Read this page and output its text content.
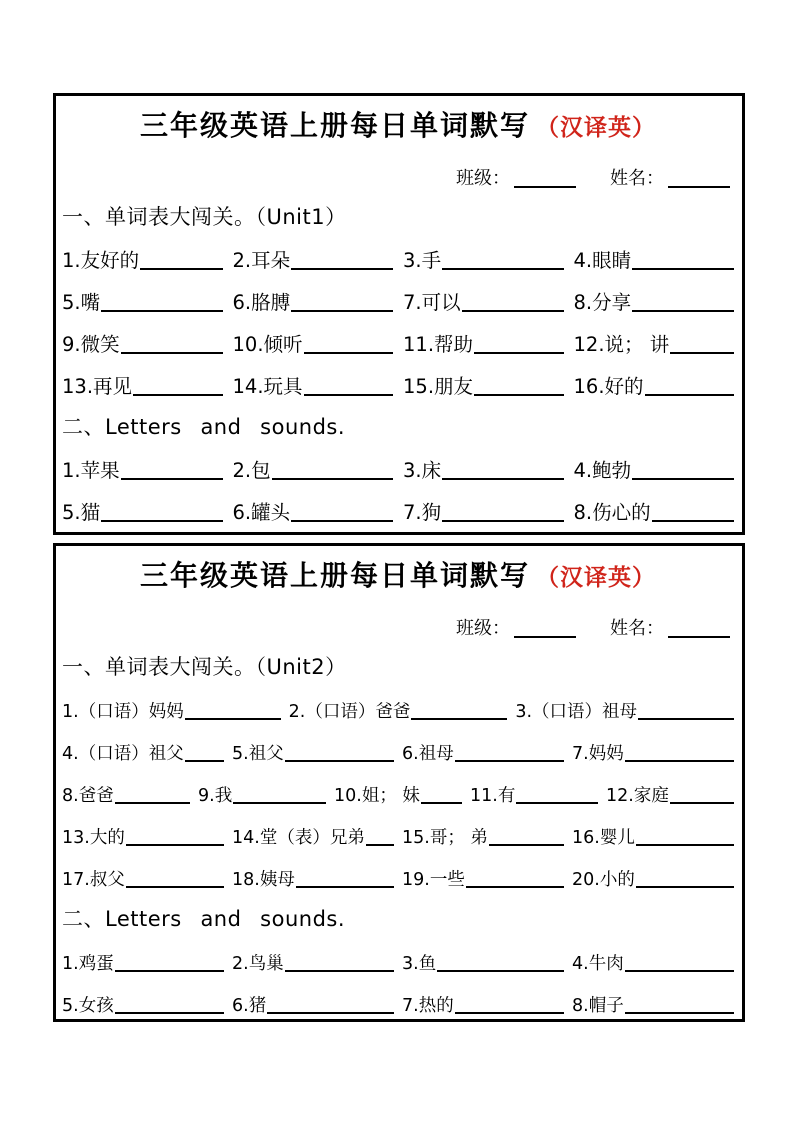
三年级英语上册每日单词默写 （汉译英）
班级：	姓名：
一、单词表大闯关。（Unit1）
1.友好的	2.耳朵	3.手	4.眼睛
5.嘴	6.胳膊	7.可以	8.分享
9.微笑	10.倾听	11.帮助	12.说； 讲
13.再见	14.玩具	15.朋友	16.好的
二、Letters and sounds.
1.苹果	2.包	3.床	4.鲍勃
5.猫	6.罐头	7.狗	8.伤心的
三年级英语上册每日单词默写 （汉译英）
班级：	姓名：
一、单词表大闯关。（Unit2）
1.（口语）妈妈	2.（口语）爸爸	3.（口语）祖母
4.（口语）祖父	5.祖父	6.祖母	7.妈妈
8.爸爸	9.我	10.姐； 妹	11.有	12.家庭
13.大的	14.堂（表）兄弟 15.哥； 弟	16.婴儿
17.叔父	18.姨母	19.一些	20.小的
二、Letters and sounds.
1.鸡蛋	2.鸟巢	3.鱼	4.牛肉
5.女孩	6.猪	7.热的	8.帽子
